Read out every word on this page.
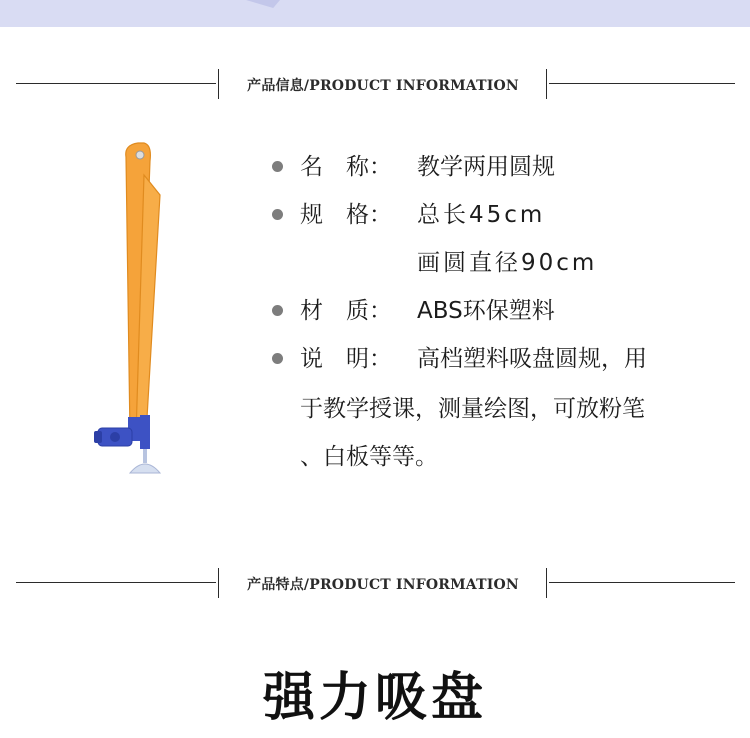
产品信息/PRODUCT INFORMATION
名　称： 教学两用圆规
规　格： 总长45cm
画圆直径90cm
材　质： ABS环保塑料
说　明： 高档塑料吸盘圆规，用
于教学授课，测量绘图，可放粉笔
、白板等等。
产品特点/PRODUCT INFORMATION
强力吸盘
